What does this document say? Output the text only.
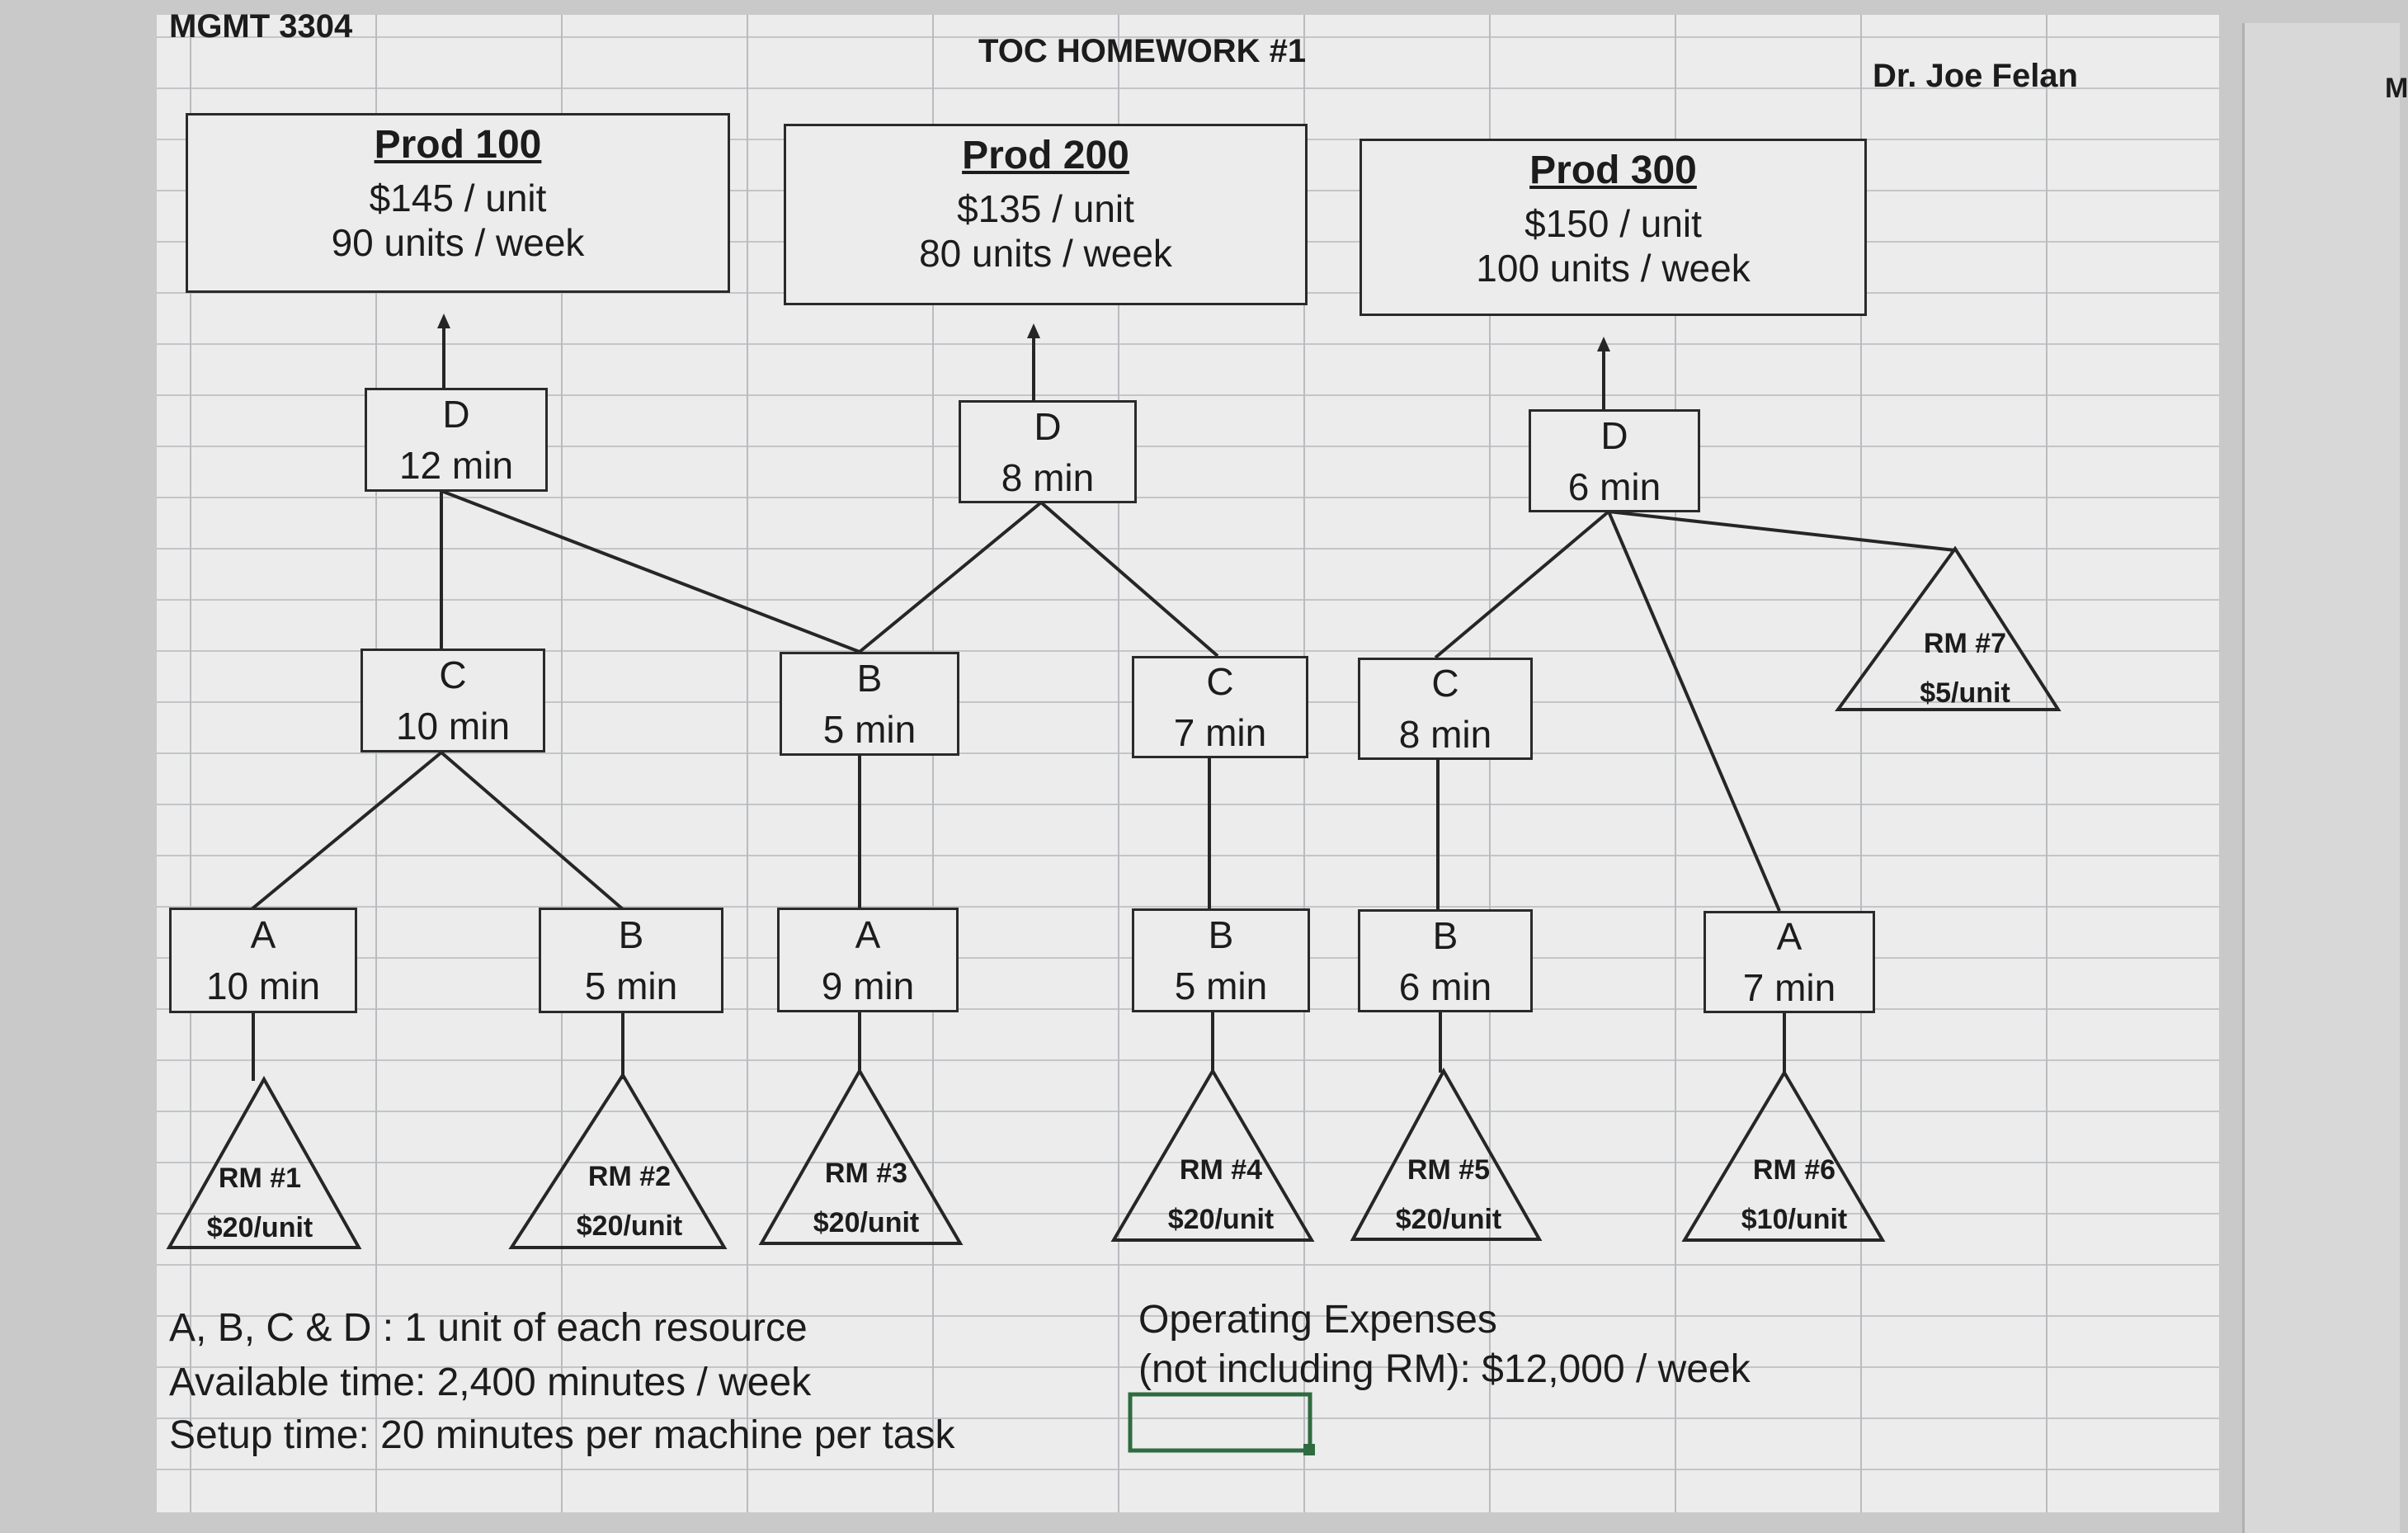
M
MGMT 3304
TOC HOMEWORK #1
Dr. Joe Felan
Prod 100
$145 / unit
90 units / week
Prod 200
$135 / unit
80 units / week
Prod 300
$150 / unit
100 units / week
D
12 min
C
10 min
A
10 min
B
5 min
D
8 min
B
5 min
C
7 min
A
9 min
B
5 min
D
6 min
C
8 min
B
6 min
A
7 min
RM #1
$20/unit
RM #2
$20/unit
RM #3
$20/unit
RM #4
$20/unit
RM #5
$20/unit
RM #6
$10/unit
RM #7
$5/unit
A, B, C & D : 1 unit of each resource
Available time: 2,400 minutes / week
Setup time: 20 minutes per machine per task
Operating Expenses
(not including RM): $12,000 / week
